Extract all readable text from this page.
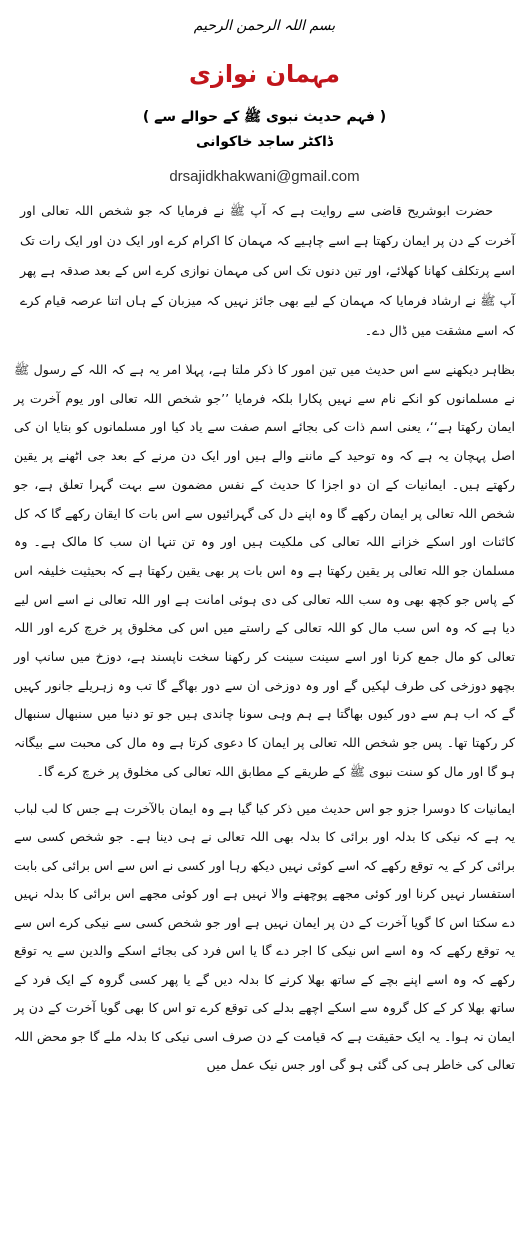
بسم اللہ الرحمن الرحیم
مہمان نوازی
( فہم حدیث نبوی ﷺ کے حوالے سے )
ڈاکٹر ساجد خاکوانی
drsajidkhakwani@gmail.com

حضرت ابوشریح قاضی سے روایت ہے کہ آپ ﷺ نے فرمایا کہ جو شخص اللہ تعالی اور آخرت کے دن پر ایمان رکھتا ہے اسے چاہیے کہ مہمان کا اکرام کرے اور ایک دن اور ایک رات تک اسے پرتکلف کھانا کھلائے، اور تین دنوں تک اس کی مہمان نوازی کرے اس کے بعد صدقہ ہے پھر آپ ﷺ نے ارشاد فرمایا کہ مہمان کے لیے بھی جائز نہیں کہ میزبان کے ہاں اتنا عرصہ قیام کرے کہ اسے مشقت میں ڈال دے۔

بظاہر دیکھنے سے اس حدیث میں تین امور کا ذکر ملتا ہے، پہلا امر یہ ہے کہ اللہ کے رسول ﷺ نے مسلمانوں کو انکے نام سے نہیں پکارا بلکہ فرمایا ’’جو شخص اللہ تعالی اور یوم آخرت پر ایمان رکھتا ہے‘‘، یعنی اسم ذات کی بجائے اسم صفت سے یاد کیا اور مسلمانوں کو بتایا ان کی اصل پہچان یہ ہے کہ وہ توحید کے ماننے والے ہیں اور ایک دن مرنے کے بعد جی اٹھنے پر یقین رکھتے ہیں۔ ایمانیات کے ان دو اجزا کا حدیث کے نفس مضمون سے بہت گہرا تعلق ہے، جو شخص اللہ تعالی پر ایمان رکھے گا وہ اپنے دل کی گہرائیوں سے اس بات کا ایقان رکھے گا کہ کل کائنات اور اسکے خزانے اللہ تعالی کی ملکیت ہیں اور وہ تن تنہا ان سب کا مالک ہے۔ وہ مسلمان جو اللہ تعالی پر یقین رکھتا ہے وہ اس بات پر بھی یقین رکھتا ہے کہ بحیثیت خلیفہ اس کے پاس جو کچھ بھی وہ سب اللہ تعالی کی دی ہوئی امانت ہے اور اللہ تعالی نے اسے اس لیے دیا ہے کہ وہ اس سب مال کو اللہ تعالی کے راستے میں اس کی مخلوق پر خرچ کرے اور اللہ تعالی کو مال جمع کرنا اور اسے سینت سینت کر رکھنا سخت ناپسند ہے، دوزخ میں سانپ اور بچھو دوزخی کی طرف لپکیں گے اور وہ دوزخی ان سے دور بھاگے گا تب وہ زہریلے جانور کہیں گے کہ اب ہم سے دور کیوں بھاگتا ہے ہم وہی سونا چاندی ہیں جو تو دنیا میں سنبھال سنبھال کر رکھتا تھا۔ پس جو شخص اللہ تعالی پر ایمان کا دعوی کرتا ہے وہ مال کی محبت سے بیگانہ ہو گا اور مال کو سنت نبوی ﷺ کے طریقے کے مطابق اللہ تعالی کی مخلوق پر خرچ کرے گا۔

ایمانیات کا دوسرا جزو جو اس حدیث میں ذکر کیا گیا ہے وہ ایمان بالآخرت ہے جس کا لب لباب یہ ہے کہ نیکی کا بدلہ اور برائی کا بدلہ بھی اللہ تعالی نے ہی دینا ہے۔ جو شخص کسی سے برائی کر کے یہ توقع رکھے کہ اسے کوئی نہیں دیکھ رہا اور کسی نے اس سے اس برائی کی بابت استفسار نہیں کرنا اور کوئی مجھے پوچھنے والا نہیں ہے اور کوئی مجھے اس برائی کا بدلہ نہیں دے سکتا اس کا گویا آخرت کے دن پر ایمان نہیں ہے اور جو شخص کسی سے نیکی کرے اس سے یہ توقع رکھے کہ وہ اسے اس نیکی کا اجر دے گا یا اس فرد کی بجائے اسکے والدین سے یہ توقع رکھے کہ وہ اسے اپنے بچے کے ساتھ بھلا کرنے کا بدلہ دیں گے یا پھر کسی گروہ کے ایک فرد کے ساتھ بھلا کر کے کل گروہ سے اسکے اچھے بدلے کی توقع کرے تو اس کا بھی گویا آخرت کے دن پر ایمان نہ ہوا۔ یہ ایک حقیقت ہے کہ قیامت کے دن صرف اسی نیکی کا بدلہ ملے گا جو محض اللہ تعالی کی خاطر ہی کی گئی ہو گی اور جس نیک عمل میں
